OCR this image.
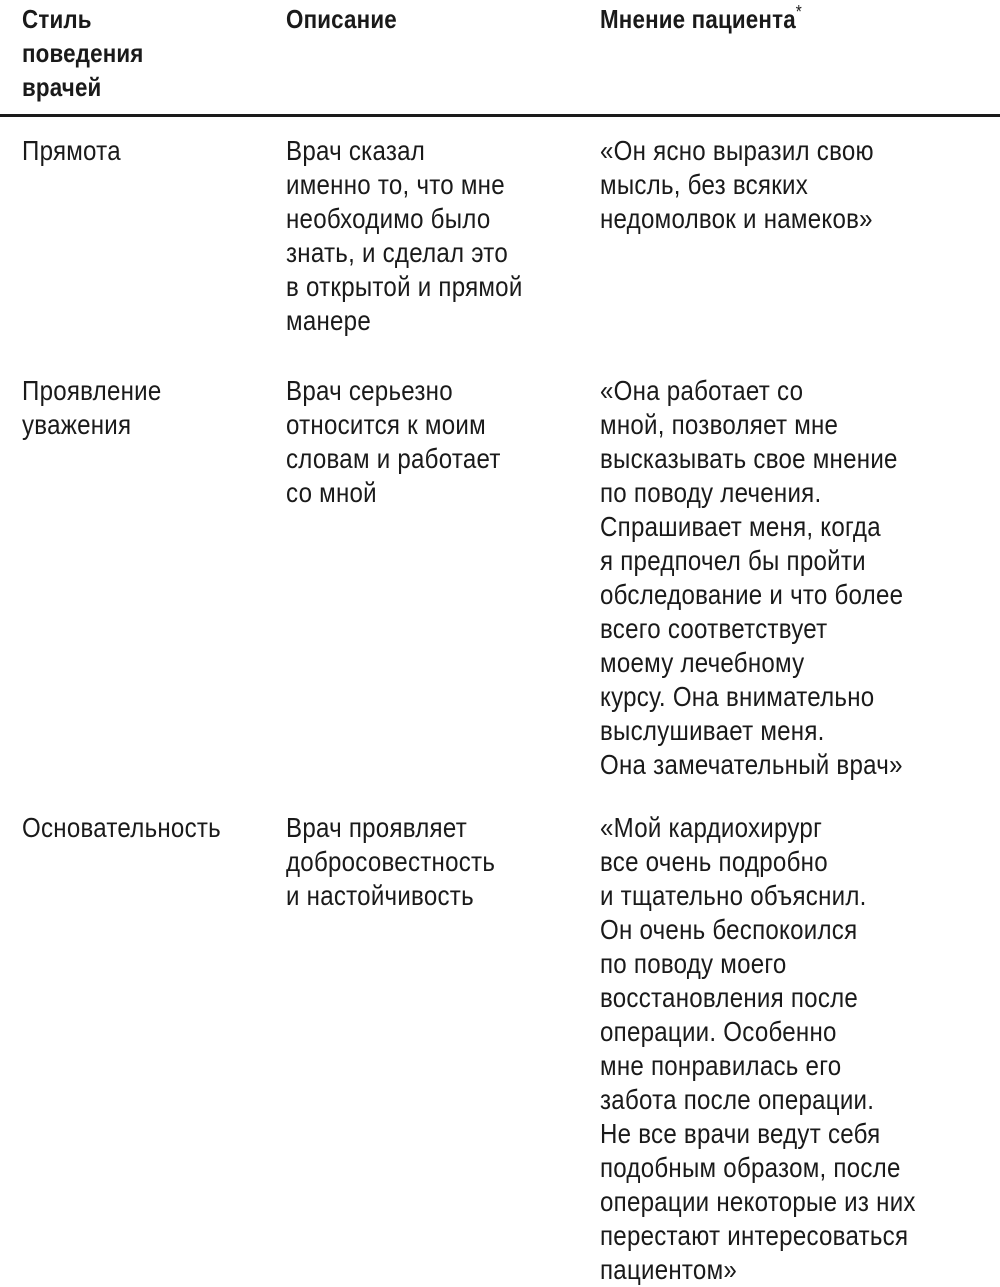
Стиль
поведения
врачей
Описание	Мнение пациента*
Прямота	Врач сказал
именно то, что мне
необходимо было
знать, и сделал это
в открытой и прямой
манере
«Он ясно выразил свою
мысль, без всяких
недомолвок и намеков»
Проявление
уважения
Врач серьезно
относится к моим
словам и работает
со мной
«Она работает со
мной, позволяет мне
высказывать свое мнение
по поводу лечения.
Спрашивает меня, когда
я предпочел бы пройти
обследование и что более
всего соответствует
моему лечебному
курсу. Она внимательно
выслушивает меня.
Она замечательный врач»
Основательность Врач проявляет
добросовестность
и настойчивость
«Мой кардиохирург
все очень подробно
и тщательно объяснил.
Он очень беспокоился
по поводу моего
восстановления после
операции. Особенно
мне понравилась его
забота после операции.
Не все врачи ведут себя
подобным образом, после
операции некоторые из них
перестают интересоваться
пациентом»
